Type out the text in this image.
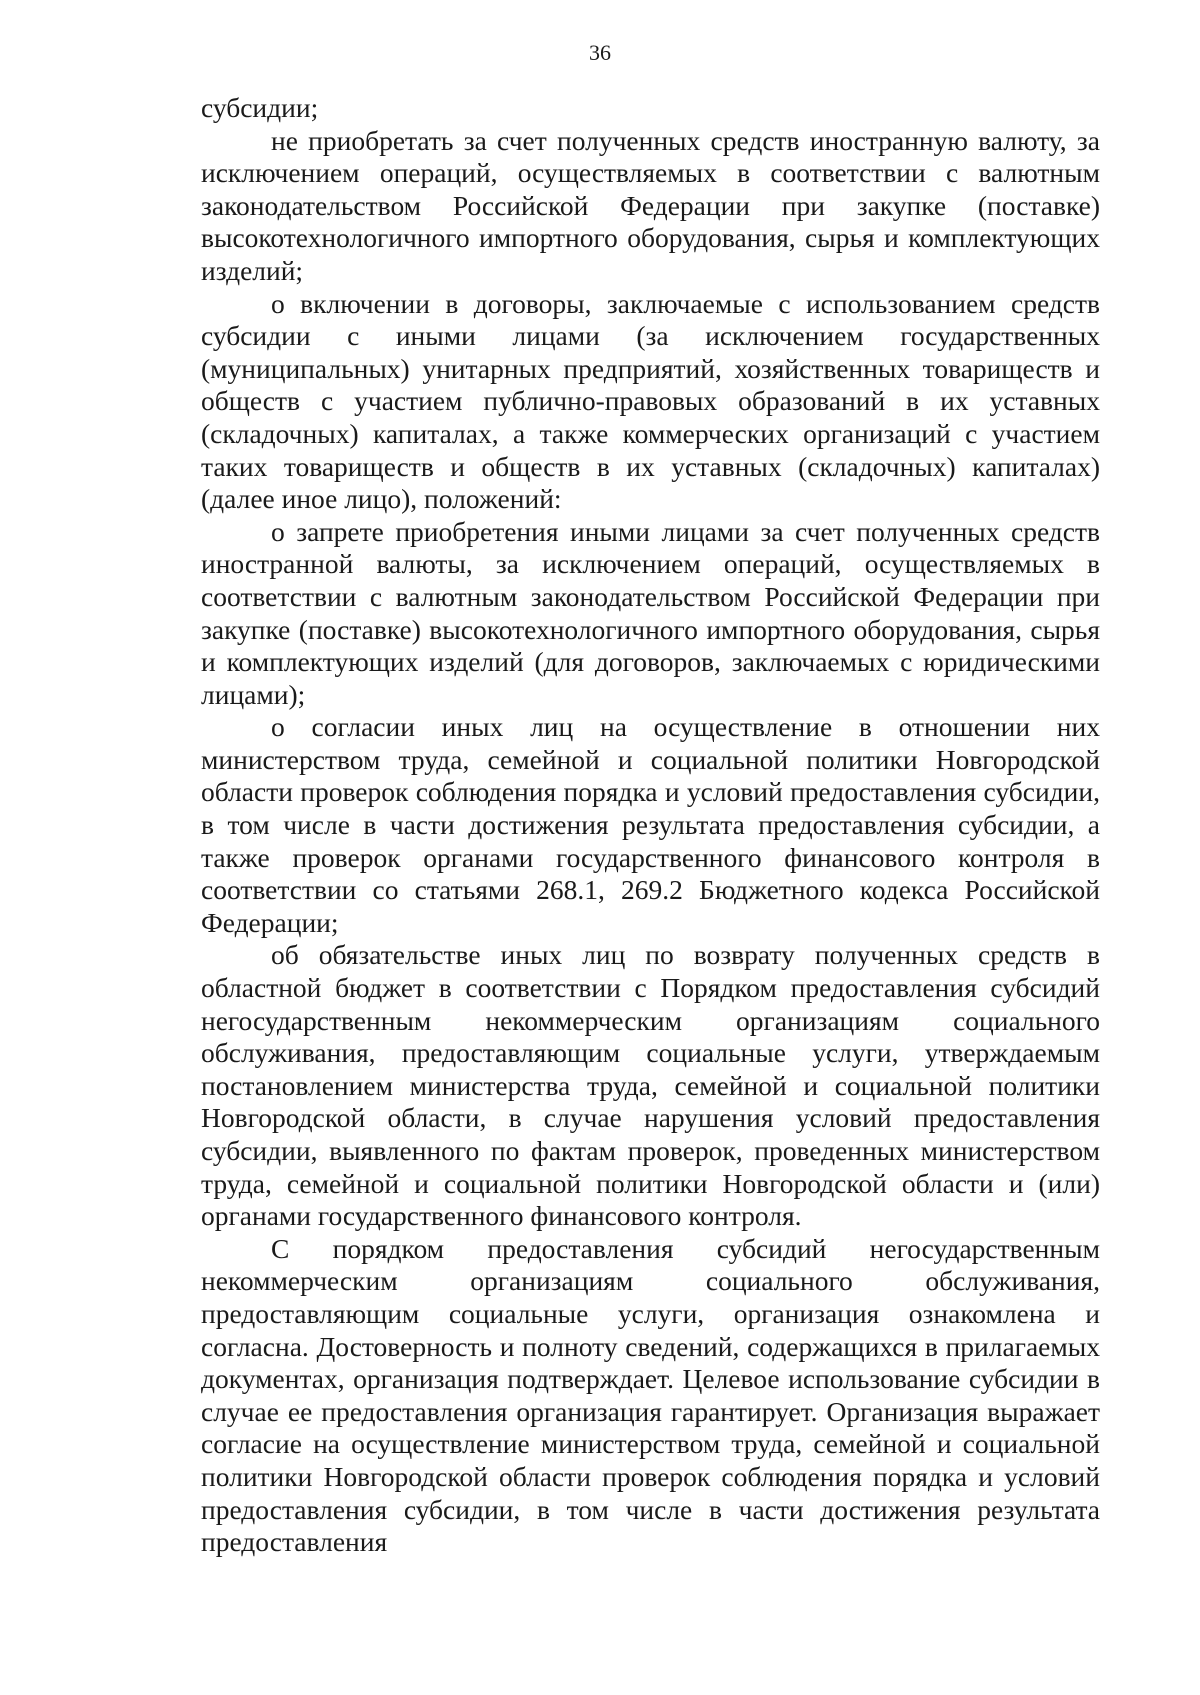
36

субсидии;

не приобретать за счет полученных средств иностранную валюту, за исключением операций, осуществляемых в соответствии с валютным законодательством Российской Федерации при закупке (поставке) высокотехнологичного импортного оборудования, сырья и комплектующих изделий;

о включении в договоры, заключаемые с использованием средств субсидии с иными лицами (за исключением государственных (муниципальных) унитарных предприятий, хозяйственных товариществ и обществ с участием публично-правовых образований в их уставных (складочных) капиталах, а также коммерческих организаций с участием таких товариществ и обществ в их уставных (складочных) капиталах) (далее иное лицо), положений:

о запрете приобретения иными лицами за счет полученных средств иностранной валюты, за исключением операций, осуществляемых в соответствии с валютным законодательством Российской Федерации при закупке (поставке) высокотехнологичного импортного оборудования, сырья и комплектующих изделий (для договоров, заключаемых с юридическими лицами);

о согласии иных лиц на осуществление в отношении них министерством труда, семейной и социальной политики Новгородской области проверок соблюдения порядка и условий предоставления субсидии, в том числе в части достижения результата предоставления субсидии, а также проверок органами государственного финансового контроля в соответствии со статьями 268.1, 269.2 Бюджетного кодекса Российской Федерации;

об обязательстве иных лиц по возврату полученных средств в областной бюджет в соответствии с Порядком предоставления субсидий негосударственным некоммерческим организациям социального обслуживания, предоставляющим социальные услуги, утверждаемым постановлением министерства труда, семейной и социальной политики Новгородской области, в случае нарушения условий предоставления субсидии, выявленного по фактам проверок, проведенных министерством труда, семейной и социальной политики Новгородской области и (или) органами государственного финансового контроля.

С порядком предоставления субсидий негосударственным некоммерческим организациям социального обслуживания, предоставляющим социальные услуги, организация ознакомлена и согласна. Достоверность и полноту сведений, содержащихся в прилагаемых документах, организация подтверждает. Целевое использование субсидии в случае ее предоставления организация гарантирует. Организация выражает согласие на осуществление министерством труда, семейной и социальной политики Новгородской области проверок соблюдения порядка и условий предоставления субсидии, в том числе в части достижения результата предоставления
